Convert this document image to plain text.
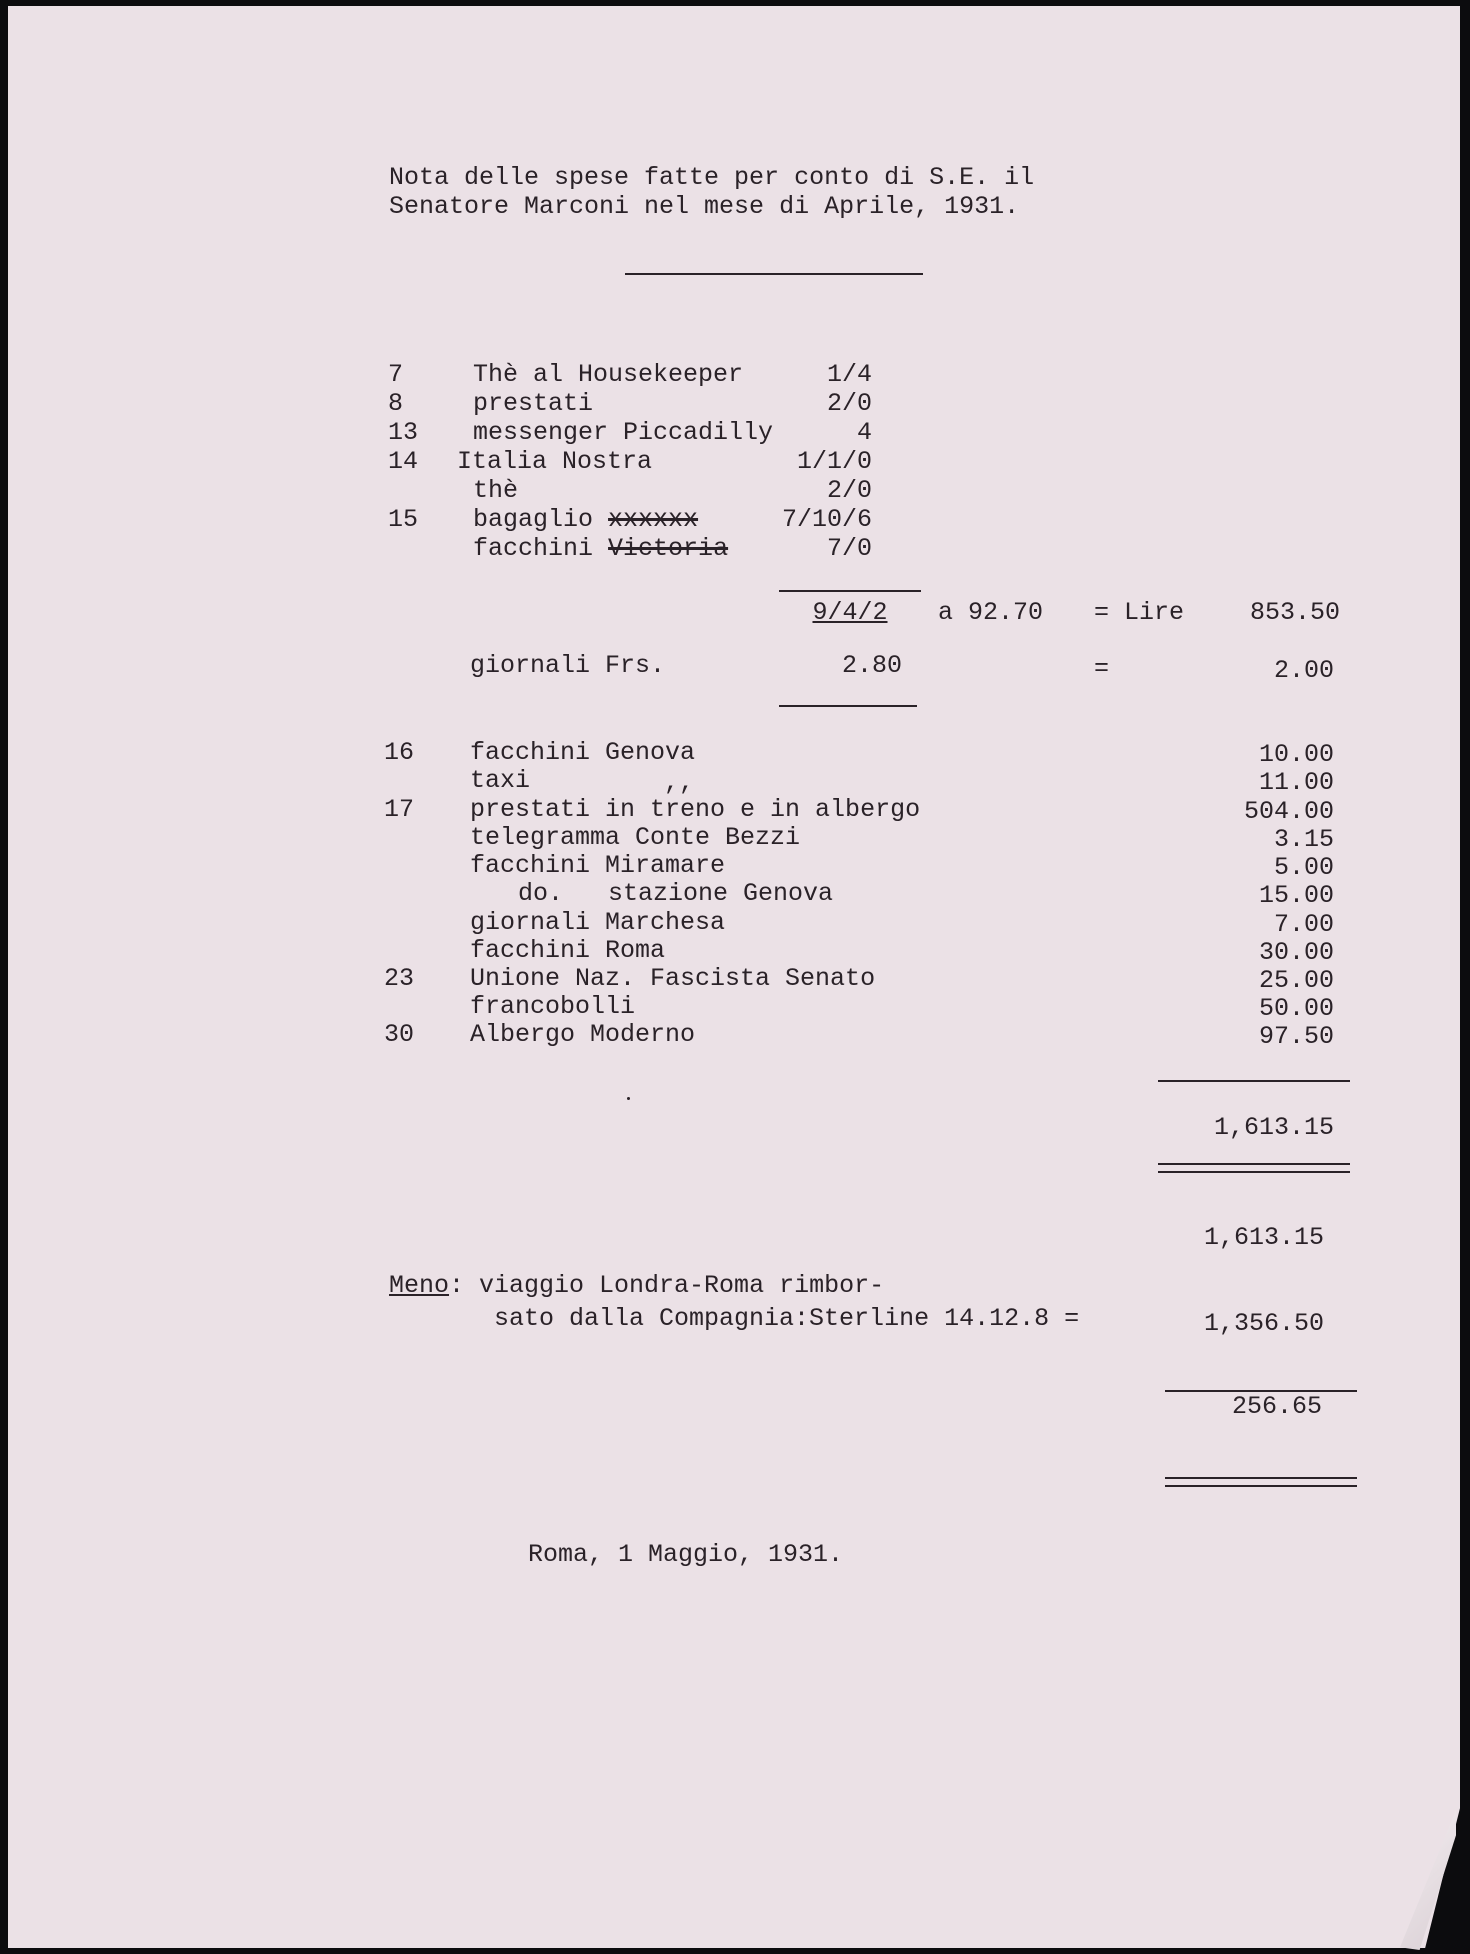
Nota delle spese fatte per conto di S.E. il
Senatore Marconi nel mese di Aprile, 1931.
7	Thè al Housekeeper	1/4
8	prestati	2/0
13 messenger Piccadilly	4
14 Italia Nostra	1/1/0
thè	2/0
15 bagaglio xxxxxx	7/10/6
facchini Victoria	7/0
9/4/2	a 92.70 = Lire	853.50
giornali Frs.	2.80	=	2.00
16 facchini Genova	10.00
taxi	,,	11.00
17 prestati in treno e in albergo	504.00
telegramma Conte Bezzi	3.15
facchini Miramare	5.00
do.   stazione Genova	15.00
giornali Marchesa	7.00
facchini Roma	30.00
23 Unione Naz. Fascista Senato	25.00
francobolli	50.00
30 Albergo Moderno	97.50
1,613.15
1,613.15
Meno: viaggio Londra-Roma rimbor-
sato dalla Compagnia:Sterline 14.12.8 =	1,356.50
256.65
Roma, 1 Maggio, 1931.
